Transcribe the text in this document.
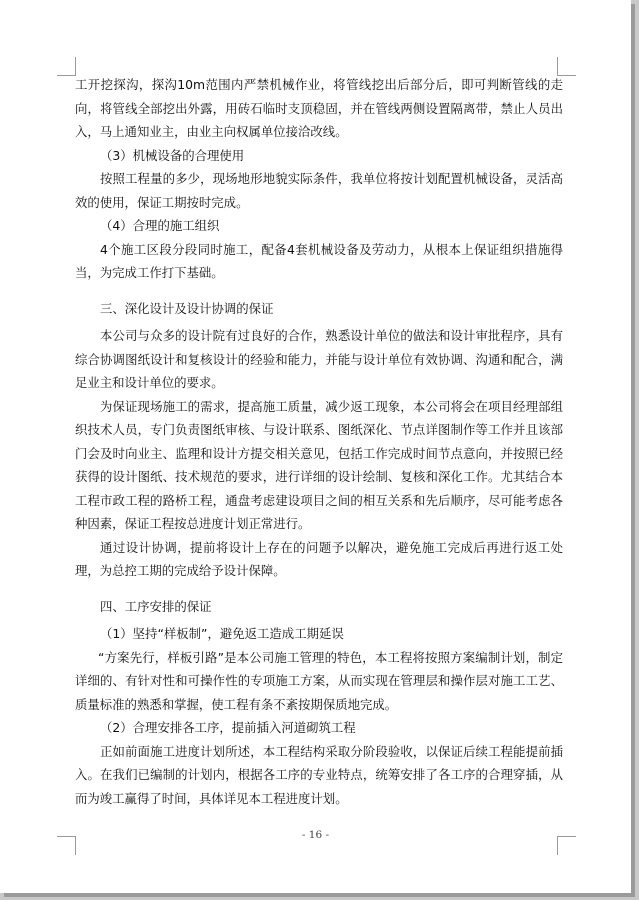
工开挖探沟，探沟10m范围内严禁机械作业，将管线挖出后部分后，即可判断管线的走向，将管线全部挖出外露，用砖石临时支顶稳固，并在管线两侧设置隔离带，禁止人员出入，马上通知业主，由业主向权属单位接洽改线。

（3）机械设备的合理使用

按照工程量的多少，现场地形地貌实际条件，我单位将按计划配置机械设备，灵活高效的使用，保证工期按时完成。

（4）合理的施工组织

4个施工区段分段同时施工，配备4套机械设备及劳动力，从根本上保证组织措施得当，为完成工作打下基础。

三、深化设计及设计协调的保证

本公司与众多的设计院有过良好的合作，熟悉设计单位的做法和设计审批程序，具有综合协调图纸设计和复核设计的经验和能力，并能与设计单位有效协调、沟通和配合，满足业主和设计单位的要求。

为保证现场施工的需求，提高施工质量，减少返工现象，本公司将会在项目经理部组织技术人员，专门负责图纸审核、与设计联系、图纸深化、节点详图制作等工作并且该部门会及时向业主、监理和设计方提交相关意见，包括工作完成时间节点意向，并按照已经获得的设计图纸、技术规范的要求，进行详细的设计绘制、复核和深化工作。尤其结合本工程市政工程的路桥工程，通盘考虑建设项目之间的相互关系和先后顺序，尽可能考虑各种因素，保证工程按总进度计划正常进行。

通过设计协调，提前将设计上存在的问题予以解决，避免施工完成后再进行返工处理，为总控工期的完成给予设计保障。

四、工序安排的保证

（1）坚持“样板制”，避免返工造成工期延误

“方案先行，样板引路”是本公司施工管理的特色，本工程将按照方案编制计划，制定详细的、有针对性和可操作性的专项施工方案，从而实现在管理层和操作层对施工工艺、质量标准的熟悉和掌握，使工程有条不紊按期保质地完成。

（2）合理安排各工序，提前插入河道砌筑工程

正如前面施工进度计划所述，本工程结构采取分阶段验收，以保证后续工程能提前插入。在我们已编制的计划内，根据各工序的专业特点，统筹安排了各工序的合理穿插，从而为竣工赢得了时间，具体详见本工程进度计划。

- 16 -
